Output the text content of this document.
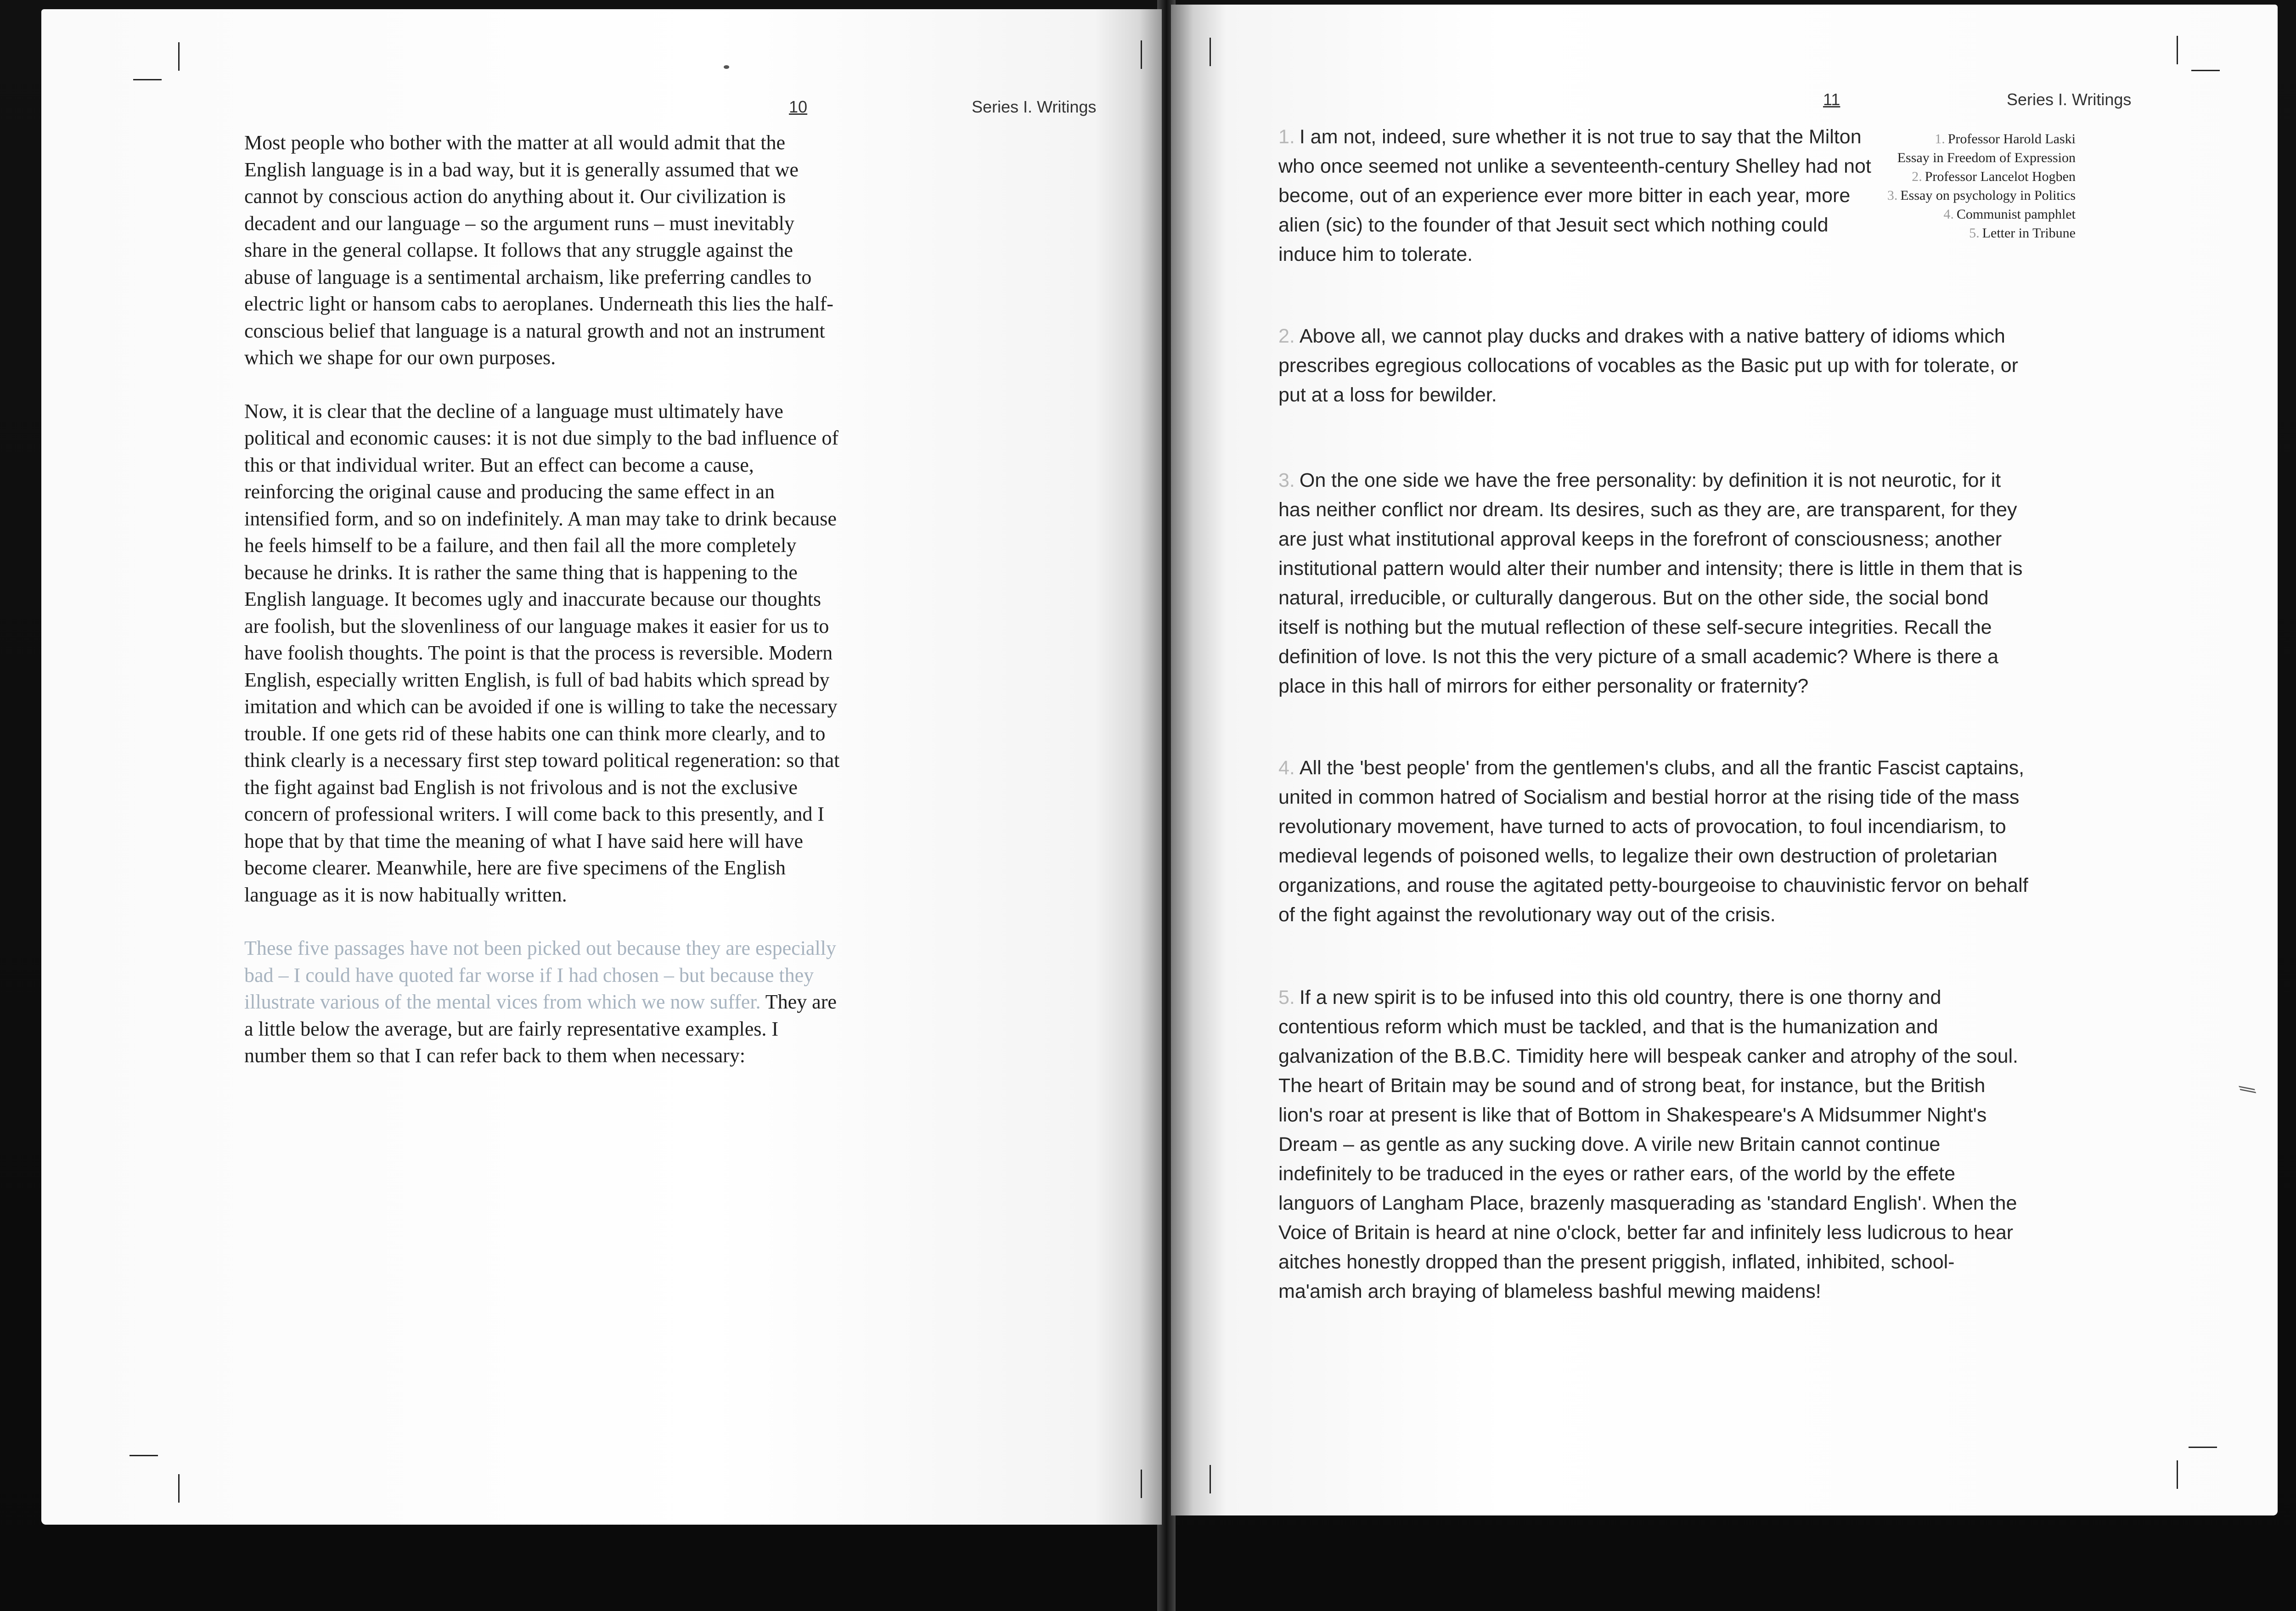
10	Series I. Writings

Most people who bother with the matter at all would admit that the English language is in a bad way, but it is generally assumed that we cannot by conscious action do anything about it. Our civilization is decadent and our language – so the argument runs – must inevitably share in the general collapse. It follows that any struggle against the abuse of language is a sentimental archaism, like preferring candles to electric light or hansom cabs to aeroplanes. Underneath this lies the half-conscious belief that language is a natural growth and not an instrument which we shape for our own purposes.

Now, it is clear that the decline of a language must ultimately have political and economic causes: it is not due simply to the bad influence of this or that individual writer. But an effect can become a cause, reinforcing the original cause and producing the same effect in an intensified form, and so on indefinitely. A man may take to drink because he feels himself to be a failure, and then fail all the more completely because he drinks. It is rather the same thing that is happening to the English language. It becomes ugly and inaccurate because our thoughts are foolish, but the slovenliness of our language makes it easier for us to have foolish thoughts. The point is that the process is reversible. Modern English, especially written English, is full of bad habits which spread by imitation and which can be avoided if one is willing to take the necessary trouble. If one gets rid of these habits one can think more clearly, and to think clearly is a necessary first step toward political regeneration: so that the fight against bad English is not frivolous and is not the exclusive concern of professional writers. I will come back to this presently, and I hope that by that time the meaning of what I have said here will have become clearer. Meanwhile, here are five specimens of the English language as it is now habitually written.

These five passages have not been picked out because they are especially bad – I could have quoted far worse if I had chosen – but because they illustrate various of the mental vices from which we now suffer. They are a little below the average, but are fairly representative examples. I number them so that I can refer back to them when necessary:

⁄⁄
11	Series I. Writings
1. Professor Harold Laski
Essay in Freedom of Expression
2. Professor Lancelot Hogben
3. Essay on psychology in Politics
4. Communist pamphlet
5. Letter in Tribune

1. I am not, indeed, sure whether it is not true to say that the Milton who once seemed not unlike a seventeenth-century Shelley had not become, out of an experience ever more bitter in each year, more alien (sic) to the founder of that Jesuit sect which nothing could induce him to tolerate.

2. Above all, we cannot play ducks and drakes with a native battery of idioms which prescribes egregious collocations of vocables as the Basic put up with for tolerate, or put at a loss for bewilder.

3. On the one side we have the free personality: by definition it is not neurotic, for it has neither conflict nor dream. Its desires, such as they are, are transparent, for they are just what institutional approval keeps in the forefront of consciousness; another institutional pattern would alter their number and intensity; there is little in them that is natural, irreducible, or culturally dangerous. But on the other side, the social bond itself is nothing but the mutual reflection of these self-secure integrities. Recall the definition of love. Is not this the very picture of a small academic? Where is there a place in this hall of mirrors for either personality or fraternity?

4. All the 'best people' from the gentlemen's clubs, and all the frantic Fascist captains, united in common hatred of Socialism and bestial horror at the rising tide of the mass revolutionary movement, have turned to acts of provocation, to foul incendiarism, to medieval legends of poisoned wells, to legalize their own destruction of proletarian organizations, and rouse the agitated petty-bourgeoise to chauvinistic fervor on behalf of the fight against the revolutionary way out of the crisis.

5. If a new spirit is to be infused into this old country, there is one thorny and contentious reform which must be tackled, and that is the humanization and galvanization of the B.B.C. Timidity here will bespeak canker and atrophy of the soul. The heart of Britain may be sound and of strong beat, for instance, but the British lion's roar at present is like that of Bottom in Shakespeare's A Midsummer Night's Dream – as gentle as any sucking dove. A virile new Britain cannot continue indefinitely to be traduced in the eyes or rather ears, of the world by the effete languors of Langham Place, brazenly masquerading as 'standard English'. When the Voice of Britain is heard at nine o'clock, better far and infinitely less ludicrous to hear aitches honestly dropped than the present priggish, inflated, inhibited, school-ma'amish arch braying of blameless bashful mewing maidens!
